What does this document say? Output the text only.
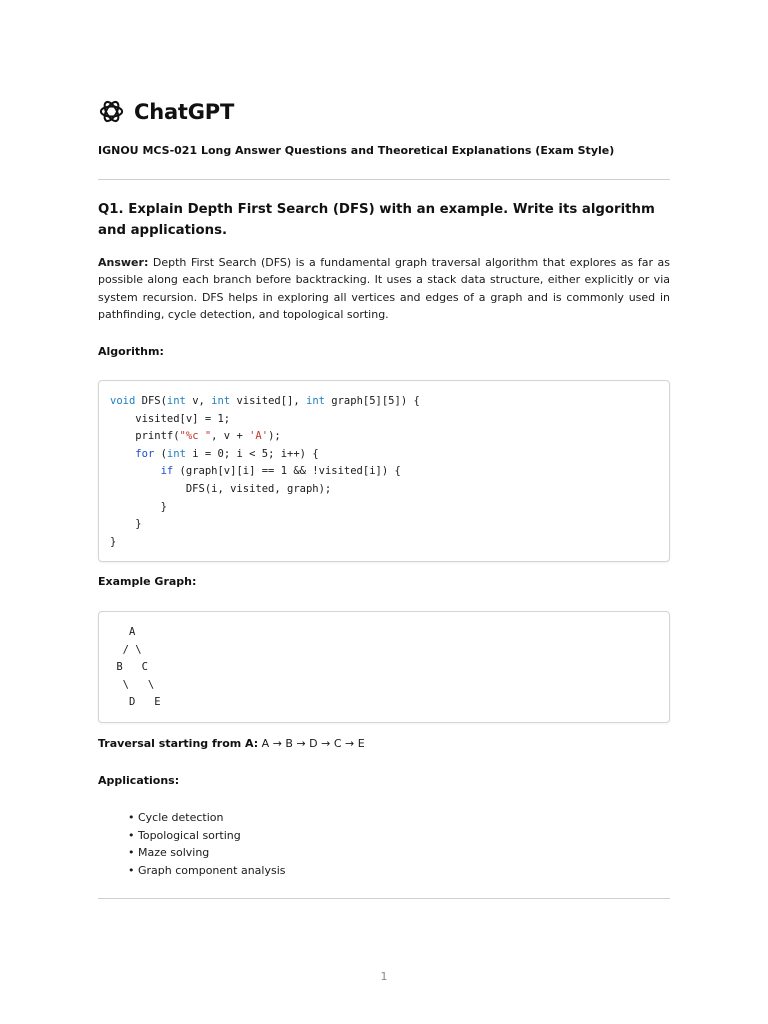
ChatGPT
IGNOU MCS-021 Long Answer Questions and Theoretical Explanations (Exam Style)
Q1. Explain Depth First Search (DFS) with an example. Write its algorithm and applications.
Answer: Depth First Search (DFS) is a fundamental graph traversal algorithm that explores as far as possible along each branch before backtracking. It uses a stack data structure, either explicitly or via system recursion. DFS helps in exploring all vertices and edges of a graph and is commonly used in pathfinding, cycle detection, and topological sorting.
Algorithm:
void DFS(int v, int visited[], int graph[5][5]) {
visited[v] = 1;
printf("%c ", v + 'A');
for (int i = 0; i < 5; i++) {
if (graph[v][i] == 1 && !visited[i]) {
DFS(i, visited, graph);
}
}
}
Example Graph:
A
/ \
B   C
\   \
D   E
Traversal starting from A: A → B → D → C → E
Applications:
• Cycle detection
• Topological sorting
• Maze solving
• Graph component analysis
1
